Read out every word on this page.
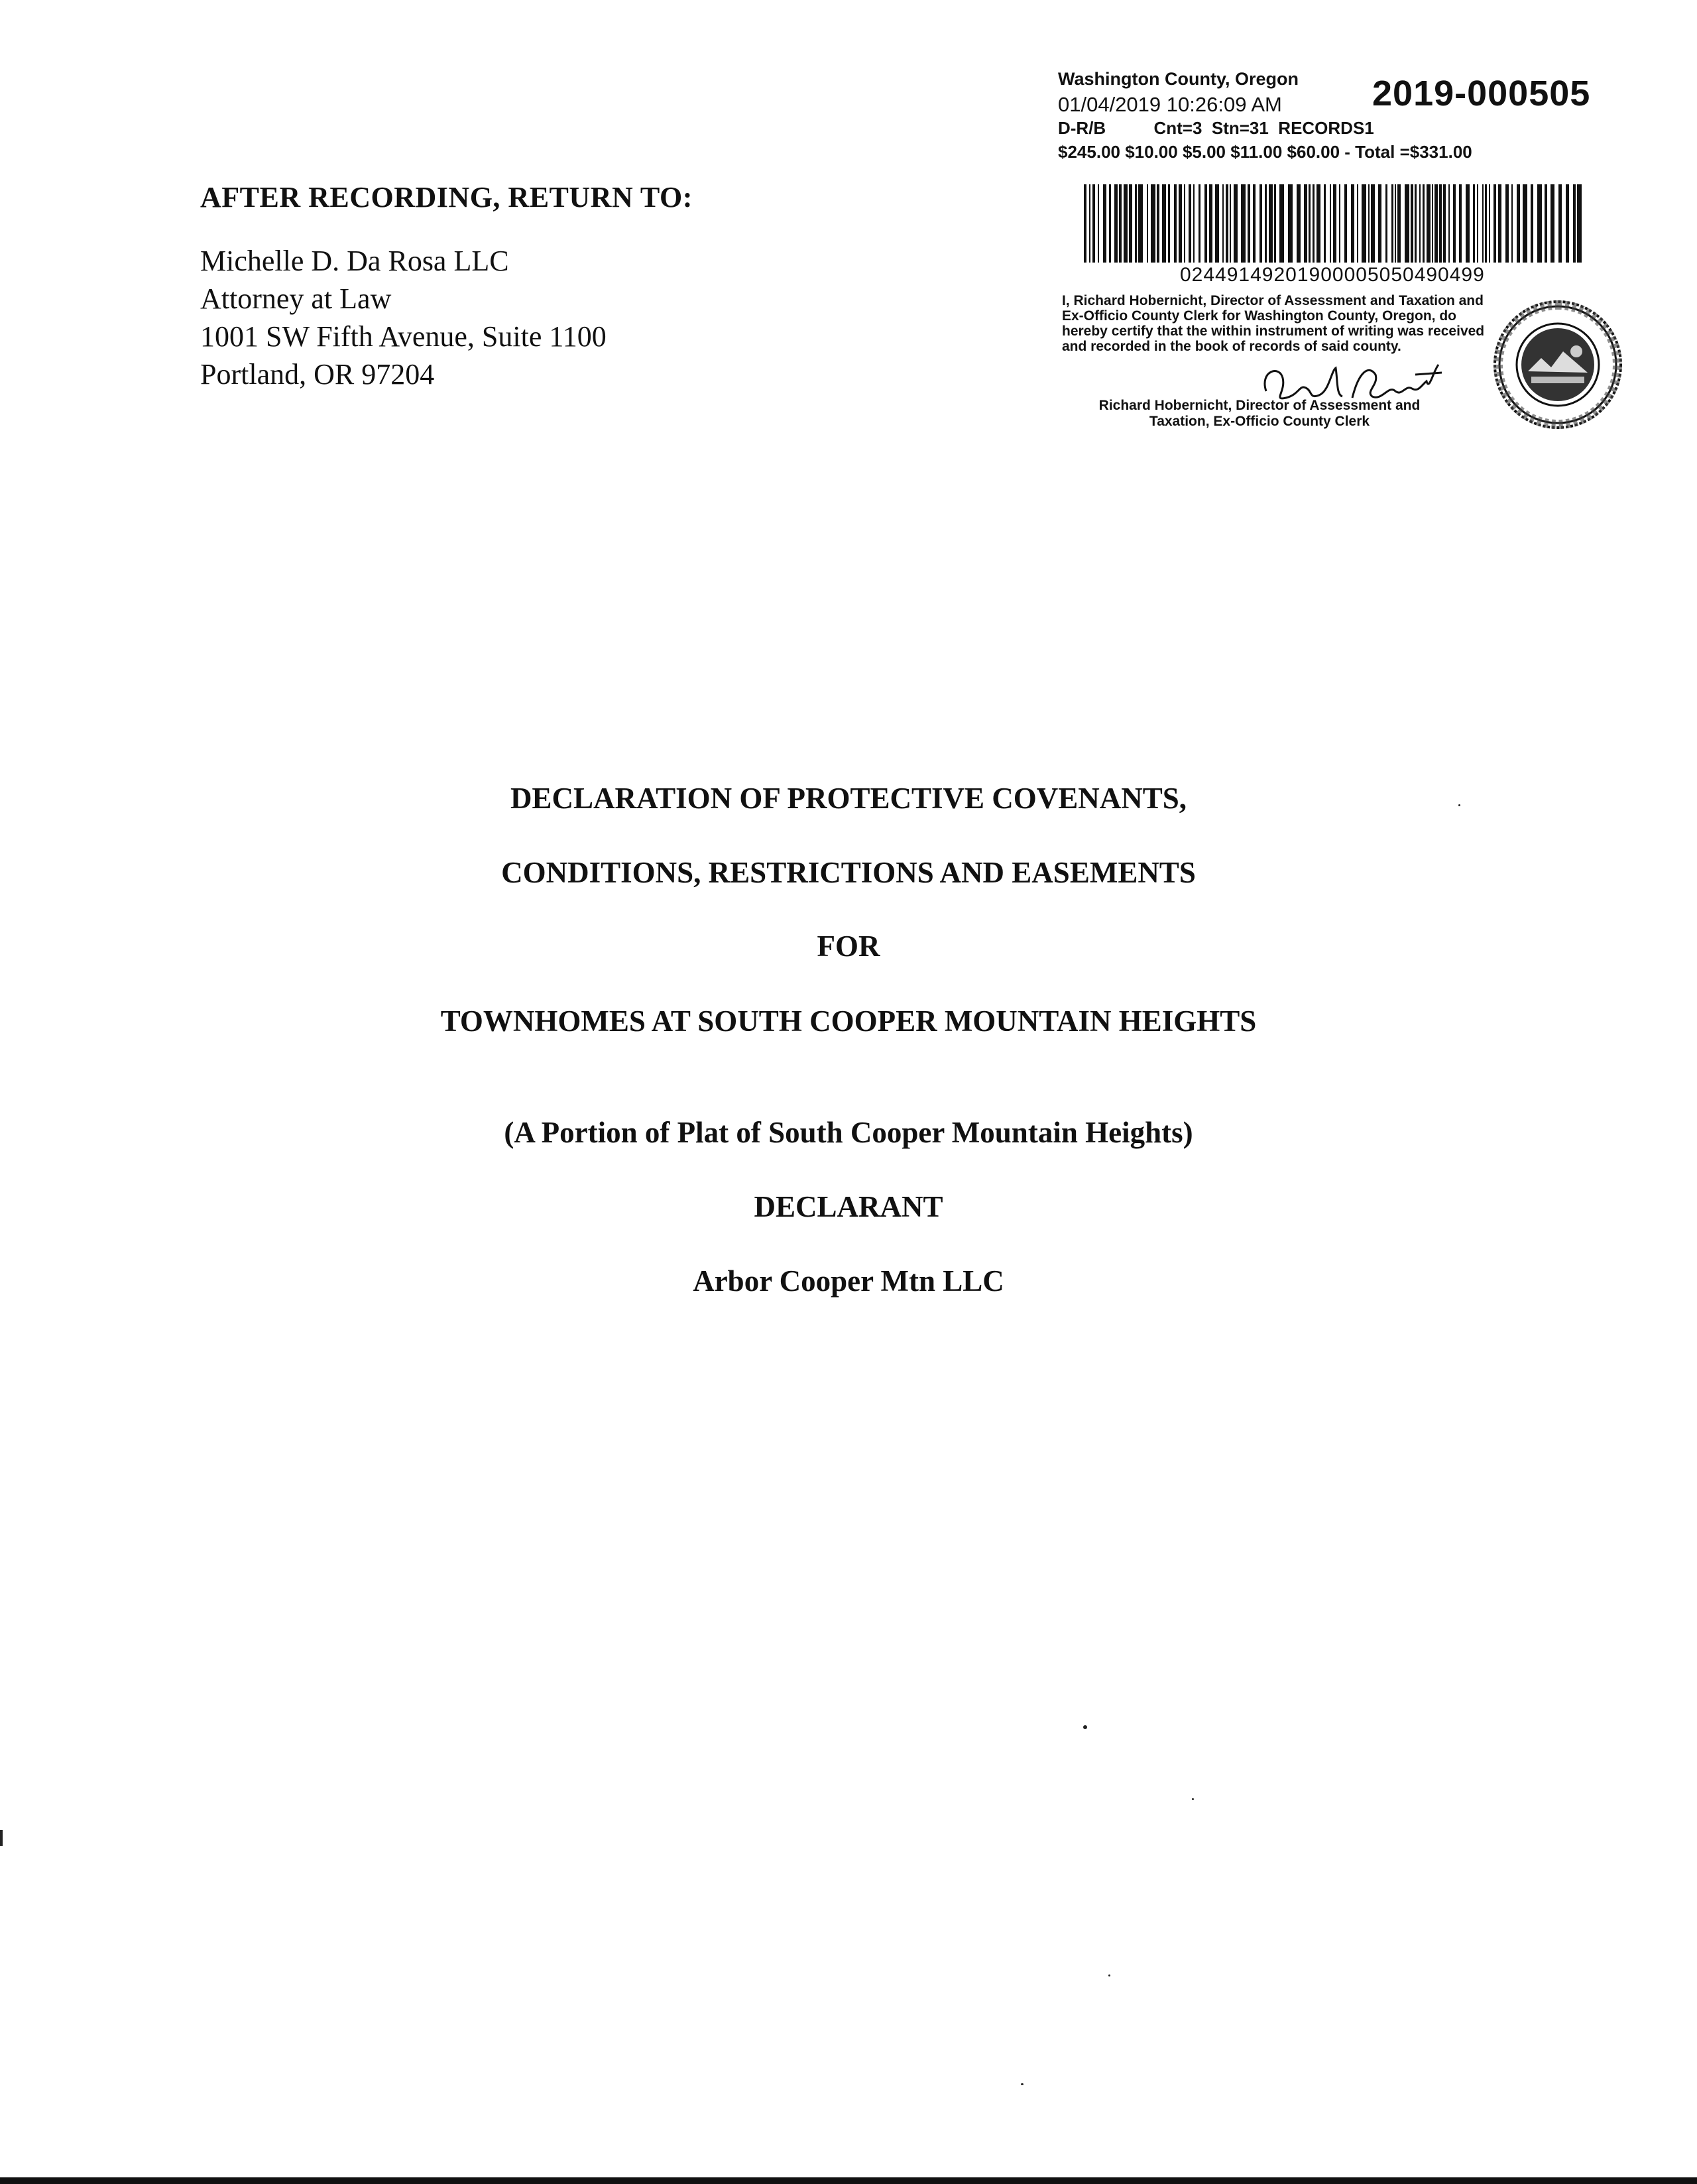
AFTER RECORDING, RETURN TO:

Michelle D. Da Rosa LLC
Attorney at Law
1001 SW Fifth Avenue, Suite 1100
Portland, OR 97204
Washington County, Oregon 2019-000505
01/04/2019 10:26:09 AM
D-R/B          Cnt=3  Stn=31  RECORDS1
$245.00 $10.00 $5.00 $11.00 $60.00 - Total =$331.00
02449149201900005050490499
I, Richard Hobernicht, Director of Assessment and Taxation and Ex-Officio County Clerk for Washington County, Oregon, do hereby certify that the within instrument of writing was received and recorded in the book of records of said county.
Richard Hobernicht, Director of Assessment and Taxation, Ex-Officio County Clerk

DECLARATION OF PROTECTIVE COVENANTS,

CONDITIONS, RESTRICTIONS AND EASEMENTS

FOR

TOWNHOMES AT SOUTH COOPER MOUNTAIN HEIGHTS

(A Portion of Plat of South Cooper Mountain Heights)

DECLARANT

Arbor Cooper Mtn LLC
